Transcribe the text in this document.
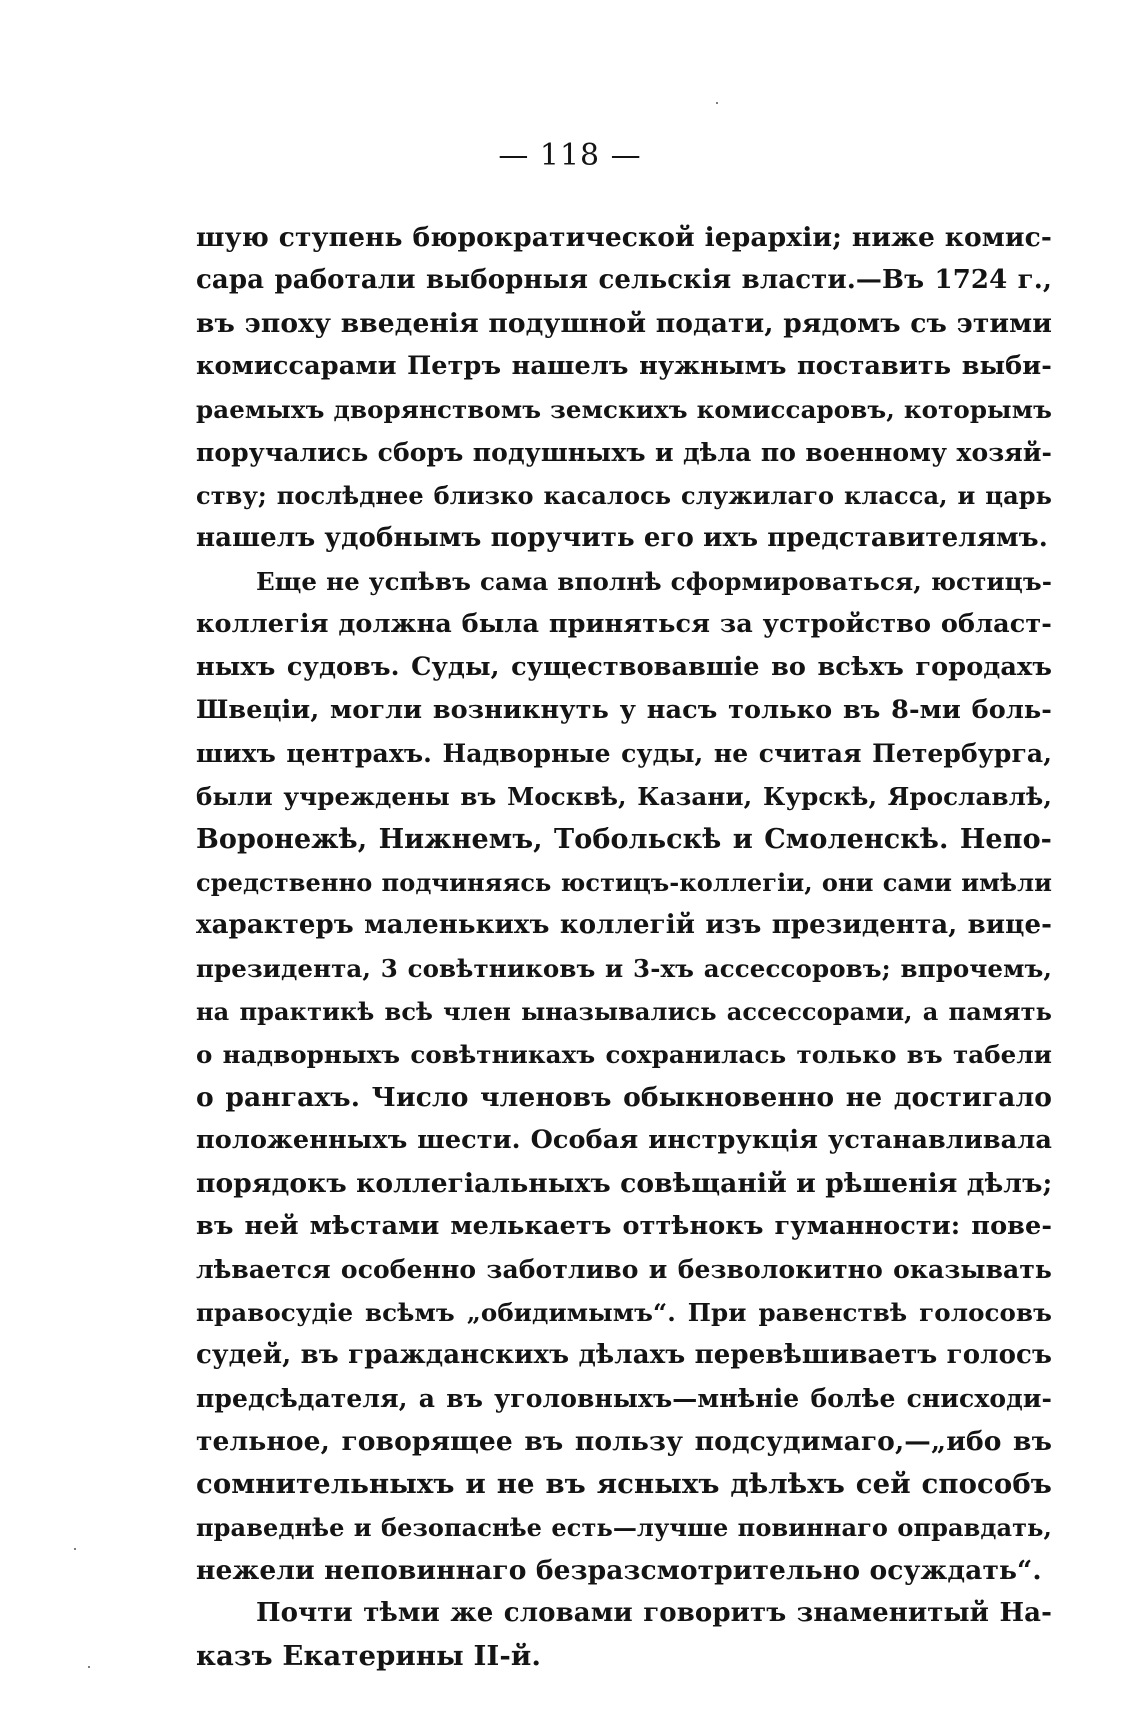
— 118 —
шую ступень бюрократической іерархіи; ниже комис-
сара работали выборныя сельскія власти.—Въ 1724 г.,
въ эпоху введенія подушной подати, рядомъ съ этими
комиссарами Петръ нашелъ нужнымъ поставить выби-
раемыхъ дворянствомъ земскихъ комиссаровъ, которымъ
поручались сборъ подушныхъ и дѣла по военному хозяй-
ству; послѣднее близко касалось служилаго класса, и царь
нашелъ удобнымъ поручить его ихъ представителямъ.
Еще не успѣвъ сама вполнѣ сформироваться, юстицъ-
коллегія должна была приняться за устройство област-
ныхъ судовъ. Суды, существовавшіе во всѣхъ городахъ
Швеціи, могли возникнуть у насъ только въ 8-ми боль-
шихъ центрахъ. Надворные суды, не считая Петербурга,
были учреждены въ Москвѣ, Казани, Курскѣ, Ярославлѣ,
Воронежѣ, Нижнемъ, Тобольскѣ и Смоленскѣ. Непо-
средственно подчиняясь юстицъ-коллегіи, они сами имѣли
характеръ маленькихъ коллегій изъ президента, вице-
президента, 3 совѣтниковъ и 3-хъ ассессоровъ; впрочемъ,
на практикѣ всѣ член ыназывались ассессорами, а память
о надворныхъ совѣтникахъ сохранилась только въ табели
о рангахъ. Число членовъ обыкновенно не достигало
положенныхъ шести. Особая инструкція устанавливала
порядокъ коллегіальныхъ совѣщаній и рѣшенія дѣлъ;
въ ней мѣстами мелькаетъ оттѣнокъ гуманности: пове-
лѣвается особенно заботливо и безволокитно оказывать
правосудіе всѣмъ „обидимымъ“. При равенствѣ голосовъ
судей, въ гражданскихъ дѣлахъ перевѣшиваетъ голосъ
предсѣдателя, а въ уголовныхъ—мнѣніе болѣе снисходи-
тельное, говорящее въ пользу подсудимаго,—„ибо въ
сомнительныхъ и не въ ясныхъ дѣлѣхъ сей способъ
праведнѣе и безопаснѣе есть—лучше повиннаго оправдать,
нежели неповиннаго безразсмотрительно осуждать“.
Почти тѣми же словами говоритъ знаменитый На-
казъ Екатерины II-й.
